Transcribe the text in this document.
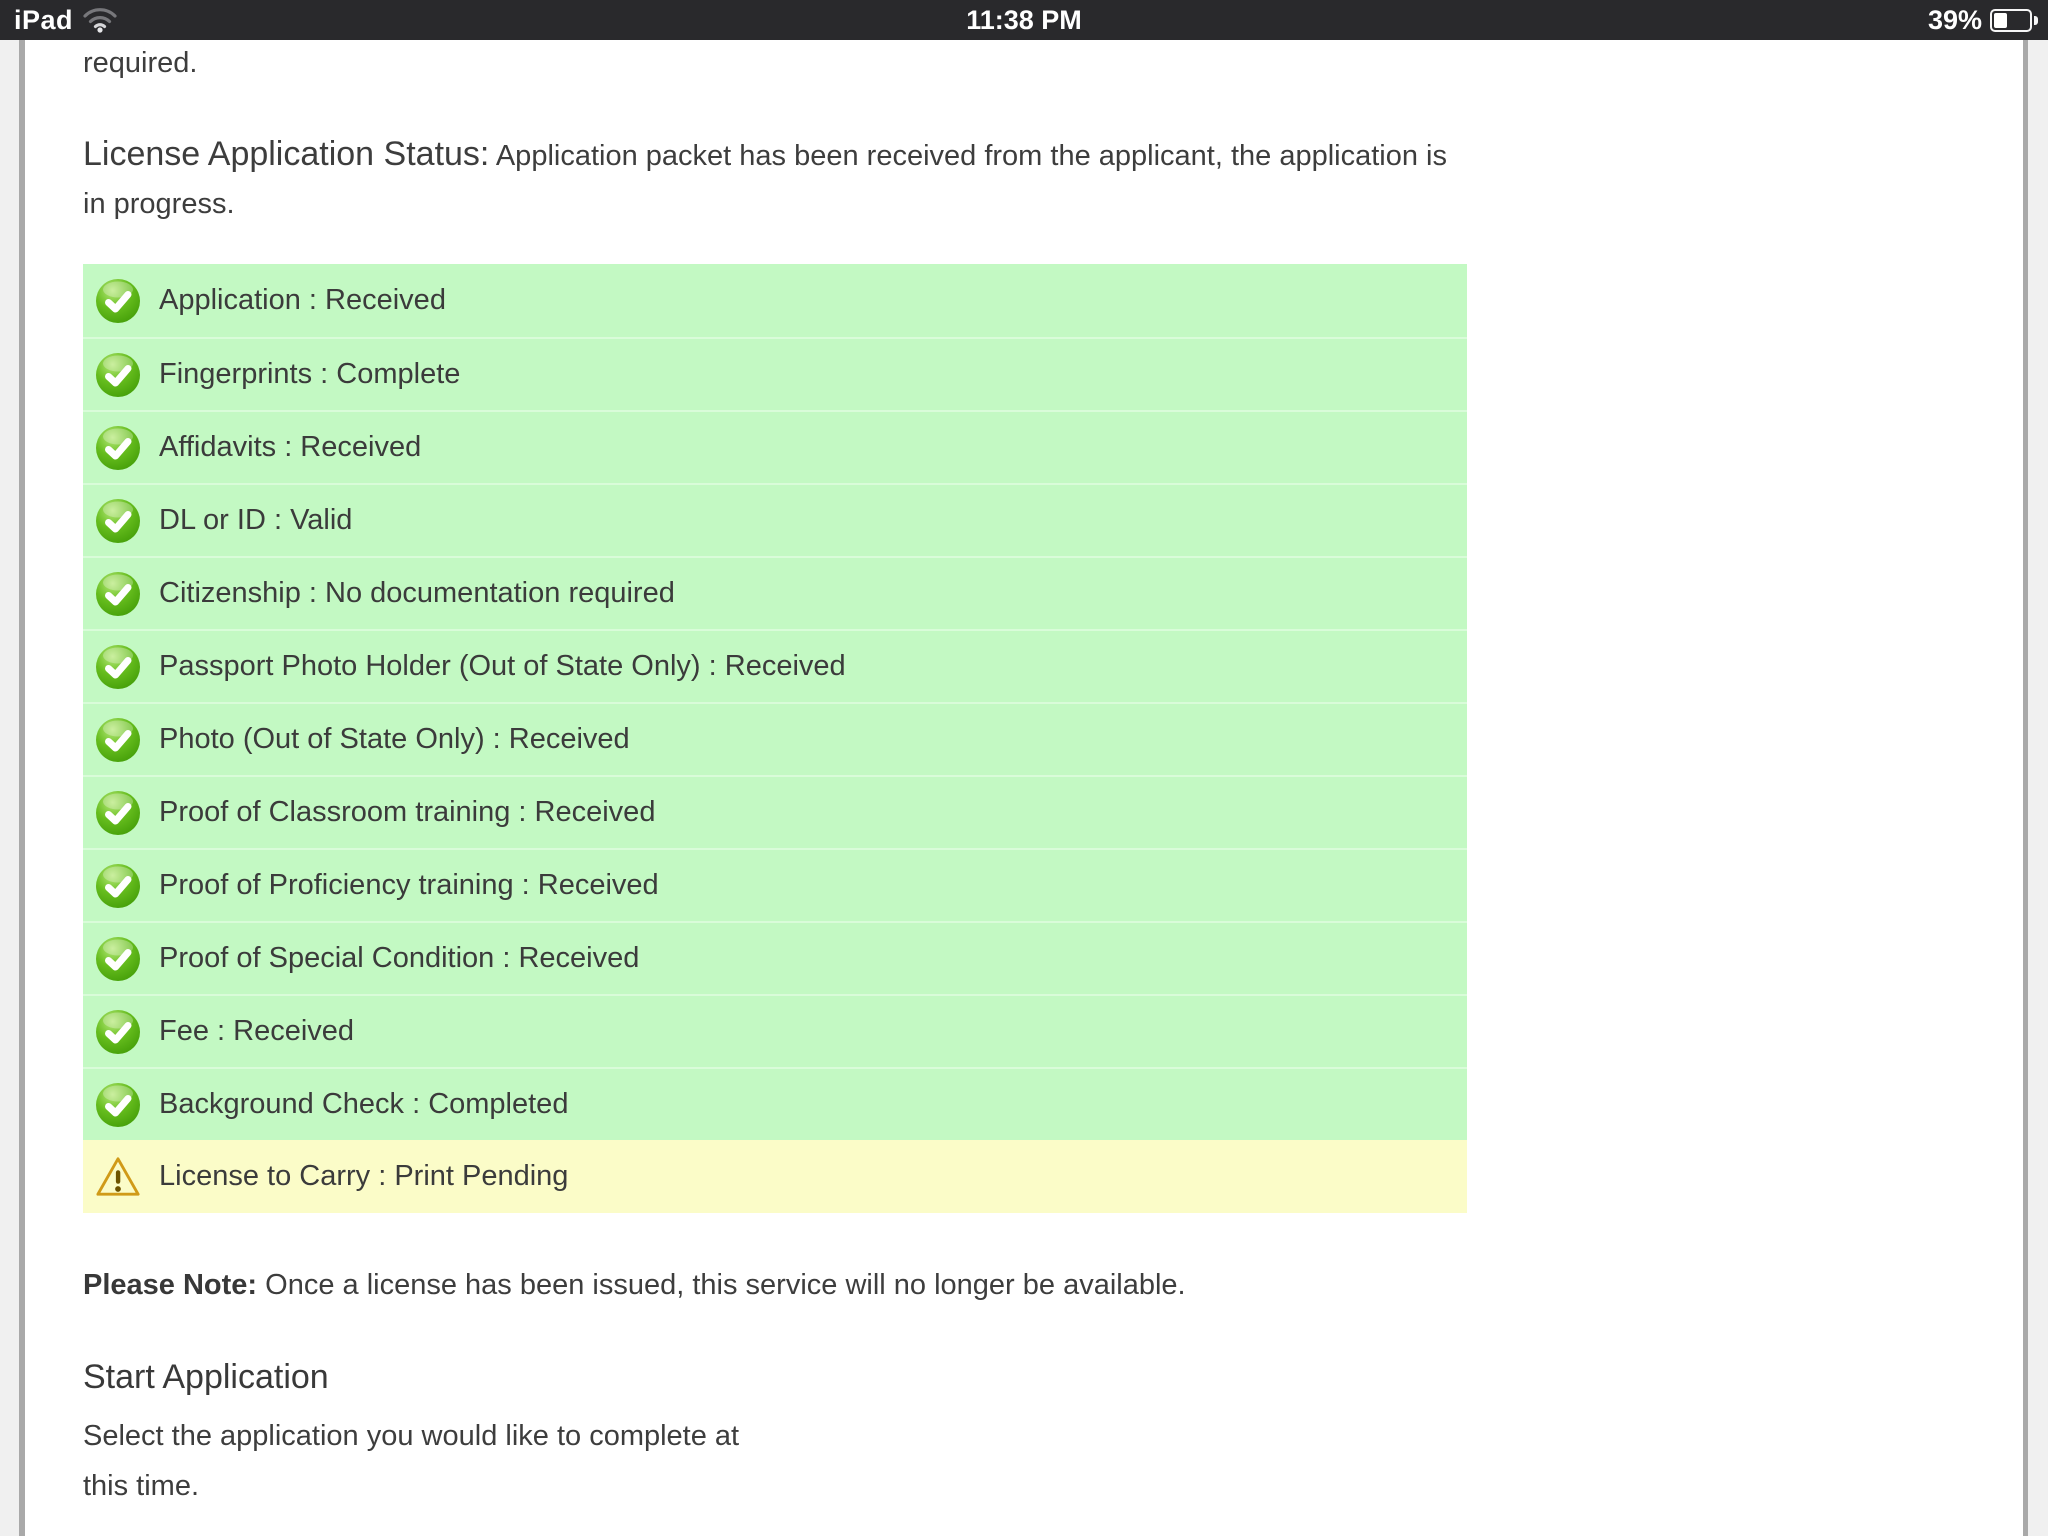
iPad	11:38 PM	39%

required.

License Application Status: Application packet has been received from the applicant, the application is
in progress.

Application : Received
Fingerprints : Complete
Affidavits : Received
DL or ID : Valid
Citizenship : No documentation required
Passport Photo Holder (Out of State Only) : Received
Photo (Out of State Only) : Received
Proof of Classroom training : Received
Proof of Proficiency training : Received
Proof of Special Condition : Received
Fee : Received
Background Check : Completed
License to Carry : Print Pending

Please Note: Once a license has been issued, this service will no longer be available.

Start Application

Select the application you would like to complete at
this time.
